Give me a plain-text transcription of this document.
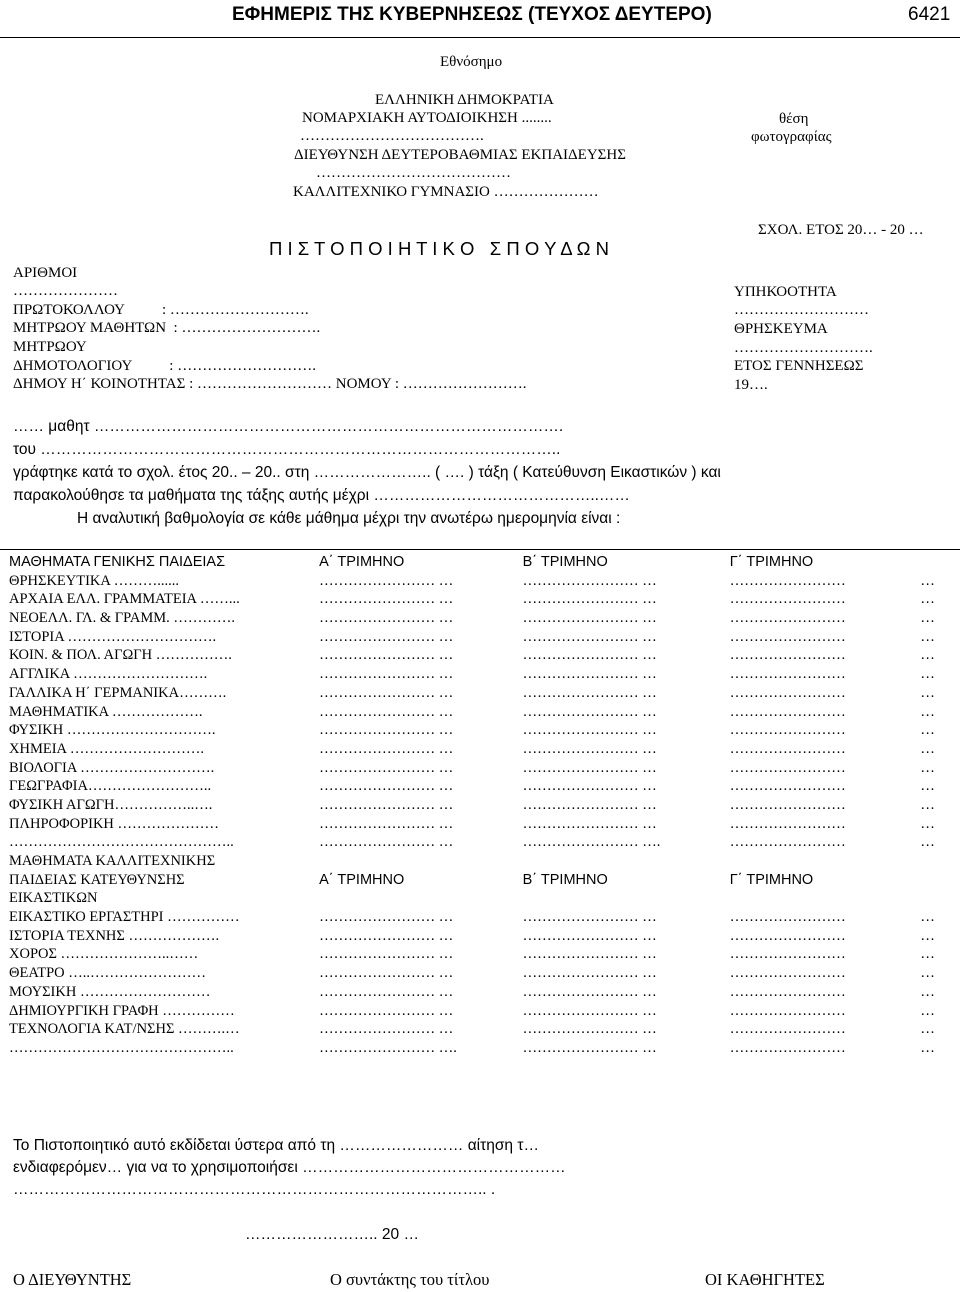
ΕΦΗΜΕΡΙΣ ΤΗΣ ΚΥΒΕΡΝΗΣΕΩΣ (ΤΕΥΧΟΣ ΔΕΥΤΕΡΟ)	6421
Εθνόσημο
ΕΛΛΗΝΙΚΗ ΔΗΜΟΚΡΑΤΙΑ
ΝΟΜΑΡΧΙΑΚΗ ΑΥΤΟΔΙΟΙΚΗΣΗ ........
……………………………….
ΔΙΕΥΘΥΝΣΗ ΔΕΥΤΕΡΟΒΑΘΜΙΑΣ ΕΚΠΑΙΔΕΥΣΗΣ
…………………………………
ΚΑΛΛΙΤΕΧΝΙΚΟ ΓΥΜΝΑΣΙΟ …………………
θέση
φωτογραφίας
ΣΧΟΛ. ΕΤΟΣ 20… - 20 …
Π Ι Σ Τ Ο Π Ο Ι Η Τ Ι Κ Ο   Σ Π Ο Υ Δ Ω Ν
ΑΡΙΘΜΟΙ
…………………
ΠΡΩΤΟΚΟΛΛΟΥ          : ……………………….
ΜΗΤΡΩΟΥ ΜΑΘΗΤΩΝ  : ……………………….
ΜΗΤΡΩΟΥ
ΔΗΜΟΤΟΛΟΓΙΟΥ          : ……………………….
ΔΗΜΟΥ Η΄ ΚΟΙΝΟΤΗΤΑΣ : ……………………… ΝΟΜΟΥ : …………………….
ΥΠΗΚΟΟΤΗΤΑ
………………………
ΘΡΗΣΚΕΥΜΑ
……………………….
ΕΤΟΣ ΓΕΝΝΗΣΕΩΣ
19….
…… μαθητ ……………………………………………………………………………….
του ………………………………………………………………………………………..
γράφτηκε κατά το σχολ. έτος 20.. – 20.. στη ………………….. ( …. ) τάξη ( Κατεύθυνση Εικαστικών ) και
παρακολούθησε τα μαθήματα της τάξης αυτής μέχρι ……………………………………..……
Η αναλυτική βαθμολογία σε κάθε μάθημα μέχρι την ανωτέρω ημερομηνία είναι :
ΜΑΘΗΜΑΤΑ ΓΕΝΙΚΗΣ ΠΑΙΔΕΙΑΣ	Α΄ ΤΡΙΜΗΝΟ	Β΄ ΤΡΙΜΗΝΟ	Γ΄ ΤΡΙΜΗΝΟ	
ΘΡΗΣΚΕΥΤΙΚΑ ………......	…………………… …	…………………… …	……………………	…
ΑΡΧΑΙΑ ΕΛΛ. ΓΡΑΜΜΑΤΕΙΑ ……...	…………………… …	…………………… …	……………………	…
ΝΕΟΕΛΛ. ΓΛ. & ΓΡΑΜΜ. ………….	…………………… …	…………………… …	……………………	…
ΙΣΤΟΡΙΑ ………………………….	…………………… …	…………………… …	……………………	…
ΚΟΙΝ. & ΠΟΛ. ΑΓΩΓΗ …………….	…………………… …	…………………… …	……………………	…
ΑΓΓΛΙΚΑ ……………………….	…………………… …	…………………… …	……………………	…
ΓΑΛΛΙΚΑ Η΄ ΓΕΡΜΑΝΙΚΑ……….	…………………… …	…………………… …	……………………	…
ΜΑΘΗΜΑΤΙΚΑ ……………….	…………………… …	…………………… …	……………………	…
ΦΥΣΙΚΗ ………………………….	…………………… …	…………………… …	……………………	…
ΧΗΜΕΙΑ ……………………….	…………………… …	…………………… …	……………………	…
ΒΙΟΛΟΓΙΑ ……………………….	…………………… …	…………………… …	……………………	…
ΓΕΩΓΡΑΦΙΑ……………………..	…………………… …	…………………… …	……………………	…
ΦΥΣΙΚΗ ΑΓΩΓΗ……………..….	…………………… …	…………………… …	……………………	…
ΠΛΗΡΟΦΟΡΙΚΗ …………………	…………………… …	…………………… …	……………………	…
………………………………………..	…………………… …	…………………… ….	……………………	…
ΜΑΘΗΜΑΤΑ ΚΑΛΛΙΤΕΧΝΙΚΗΣ				
ΠΑΙΔΕΙΑΣ ΚΑΤΕΥΘΥΝΣΗΣ	Α΄ ΤΡΙΜΗΝΟ	Β΄ ΤΡΙΜΗΝΟ	Γ΄ ΤΡΙΜΗΝΟ	
ΕΙΚΑΣΤΙΚΩΝ				
ΕΙΚΑΣΤΙΚΟ ΕΡΓΑΣΤΗΡΙ ……………	…………………… …	…………………… …	……………………	…
ΙΣΤΟΡΙΑ ΤΕΧΝΗΣ ……………….	…………………… …	…………………… …	……………………	…
ΧΟΡΟΣ …………………..……	…………………… …	…………………… …	……………………	…
ΘΕΑΤΡΟ …..……………………	…………………… …	…………………… …	……………………	…
ΜΟΥΣΙΚΗ ………………………	…………………… …	…………………… …	……………………	…
ΔΗΜΙΟΥΡΓΙΚΗ ΓΡΑΦΗ ……………	…………………… …	…………………… …	……………………	…
ΤΕΧΝΟΛΟΓΙΑ ΚΑΤ/ΝΣΗΣ ……….…	…………………… …	…………………… …	……………………	…
………………………………………..	…………………… ….	…………………… …	……………………	…
Το Πιστοποιητικό αυτό εκδίδεται ύστερα από τη …………………… αίτηση τ…
ενδιαφερόμεν… για να το χρησιμοποιήσει ……………………………………………
……………………………………………………………………………….. .
…………………….. 20 …
Ο ΔΙΕΥΘΥΝΤΗΣ	Ο συντάκτης του τίτλου	ΟΙ ΚΑΘΗΓΗΤΕΣ
